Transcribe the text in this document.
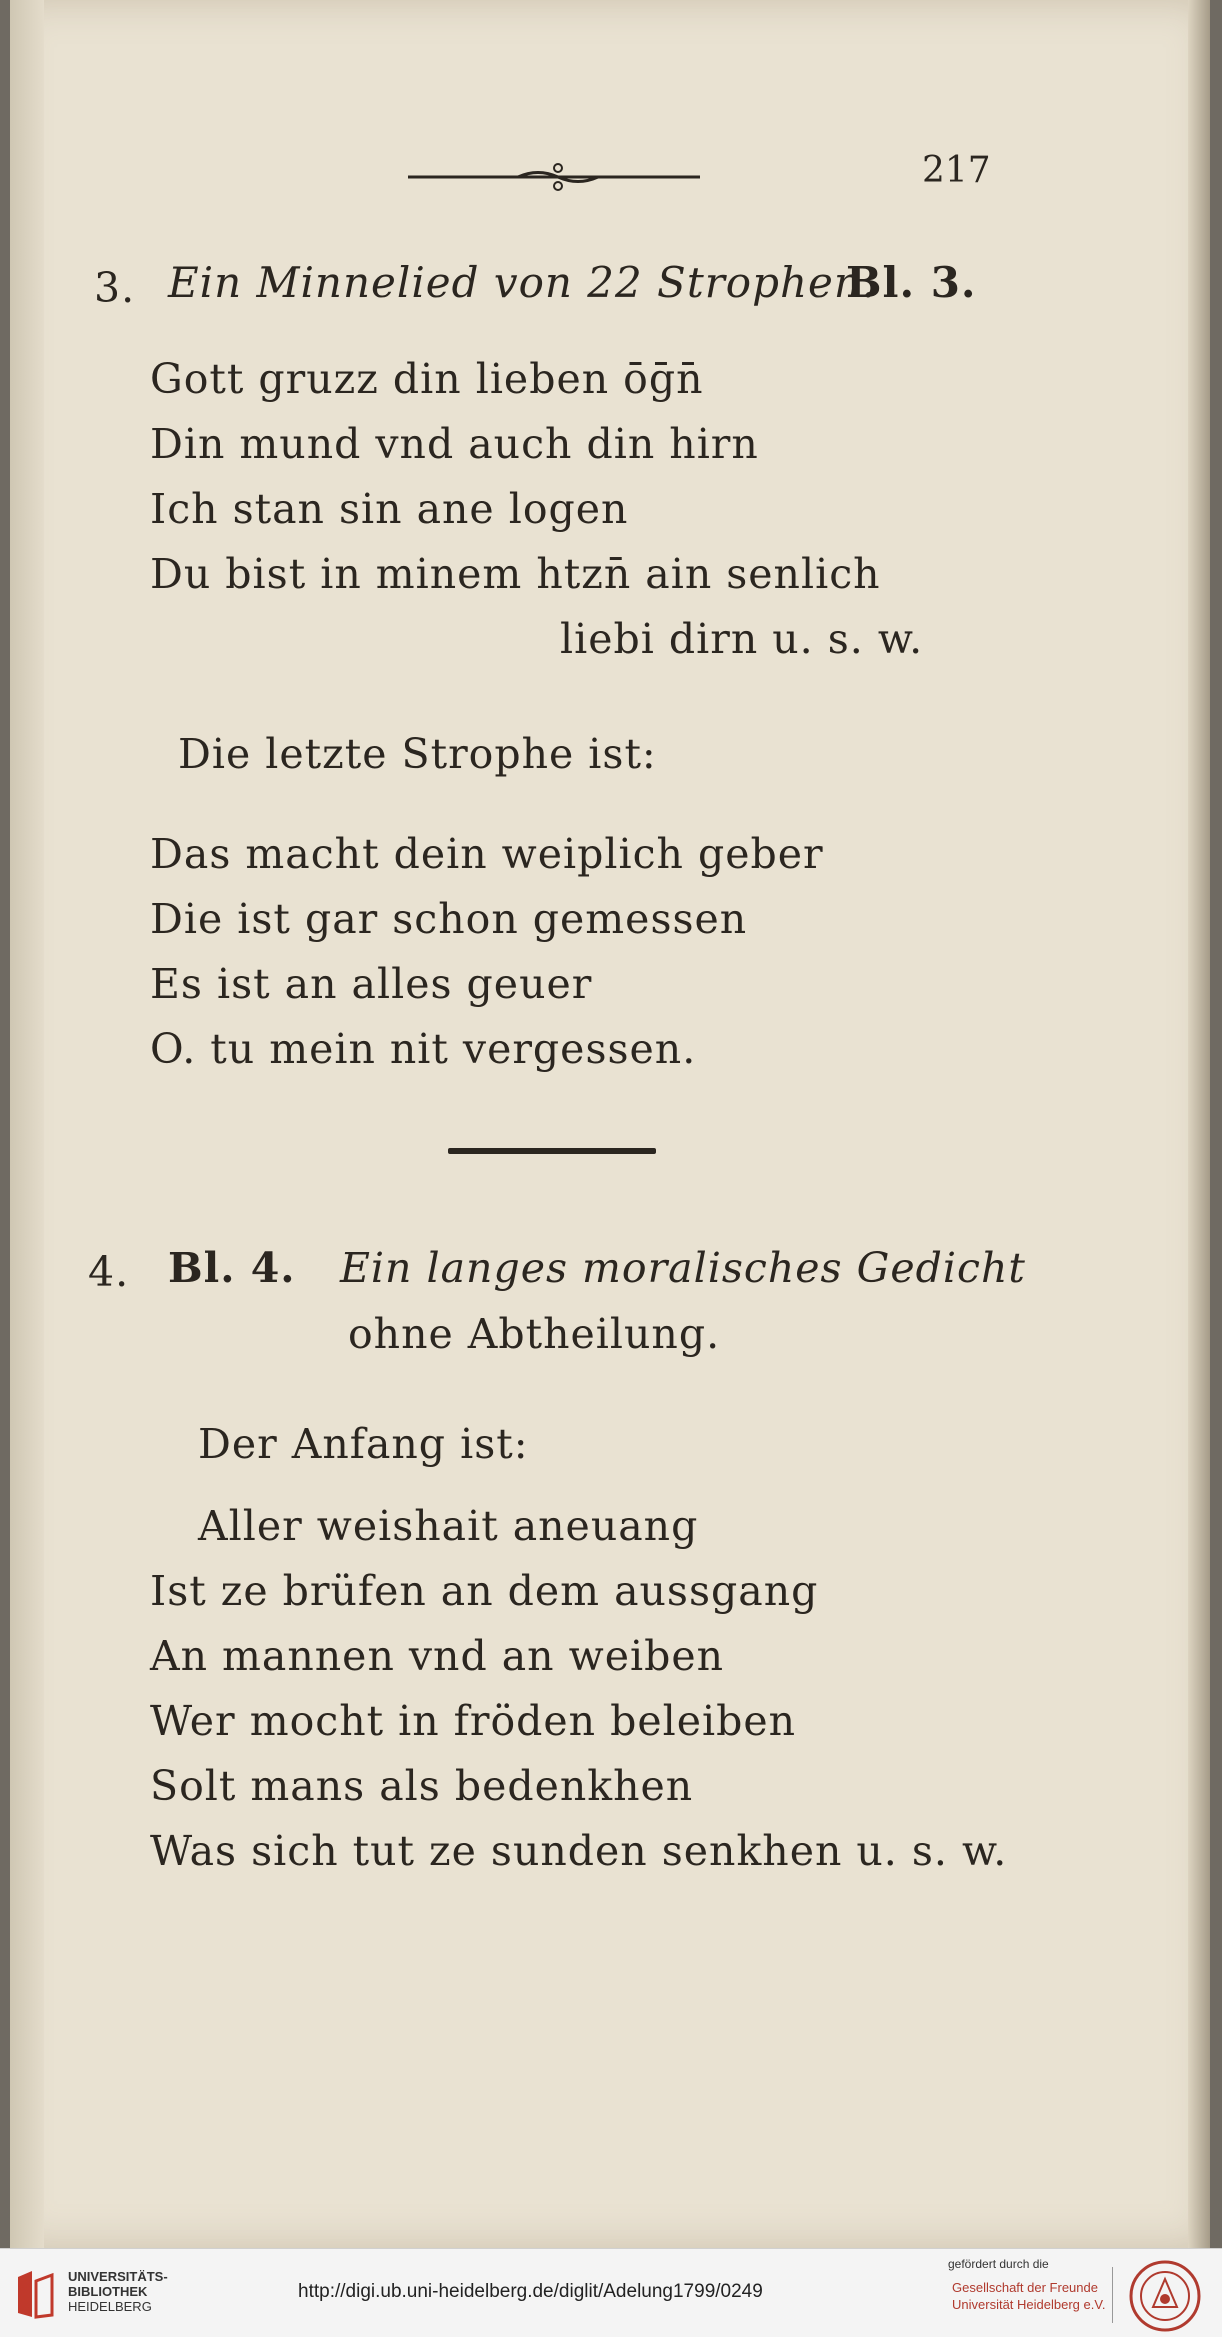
217
3. Ein Minnelied von 22 Strophen.
Bl. 3.
Gott gruzz din lieben ōḡn̄
Din mund vnd auch din hirn
Ich stan sin ane logen
Du bist in minem htzn̄ ain senlich
liebi dirn u. s. w.
Die letzte Strophe ist:
Das macht dein weiplich geber
Die ist gar schon gemessen
Es ist an alles geuer
O. tu mein nit vergessen.
4. Bl. 4. Ein langes moralisches Gedicht
ohne Abtheilung.
Der Anfang ist:
Aller weishait aneuang
Ist ze brüfen an dem aussgang
An mannen vnd an weiben
Wer mocht in fröden beleiben
Solt mans als bedenkhen
Was sich tut ze sunden senkhen u. s. w.
UNIVERSITÄTS-
BIBLIOTHEK
HEIDELBERG
http://digi.ub.uni-heidelberg.de/diglit/Adelung1799/0249
gefördert durch die
Gesellschaft der Freunde
Universität Heidelberg e.V.
